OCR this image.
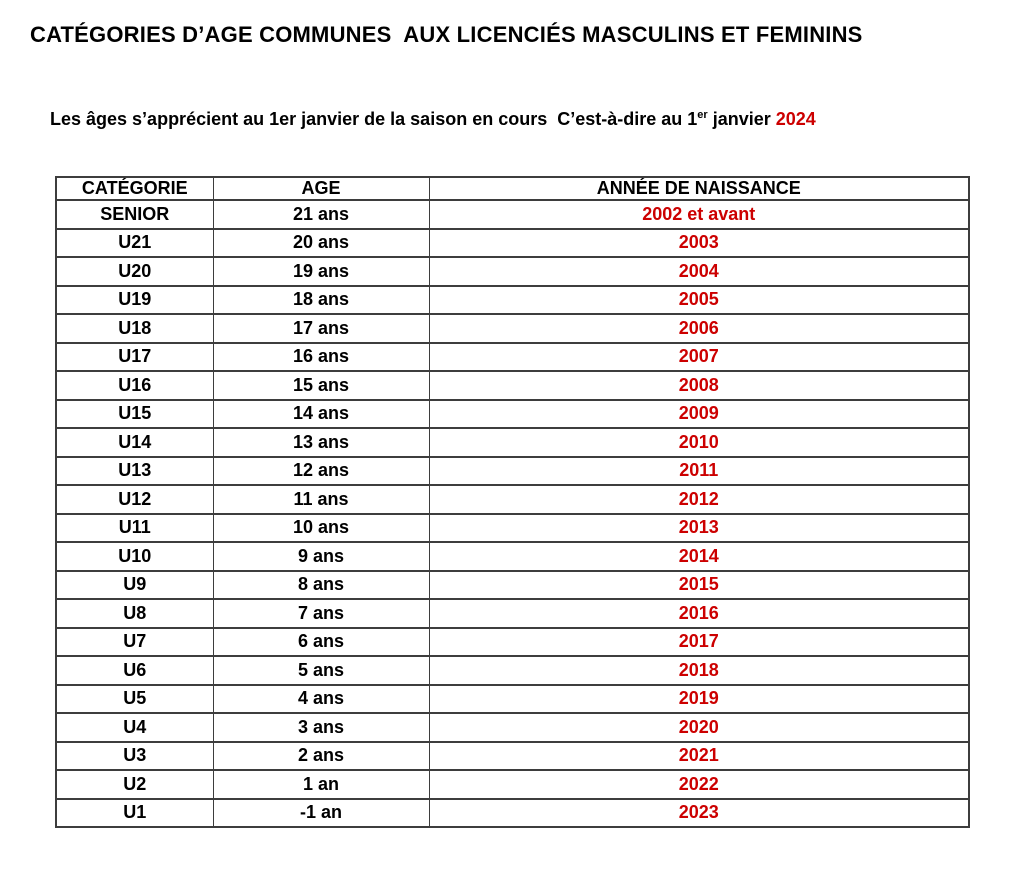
CATÉGORIES D’AGE COMMUNES  AUX LICENCIÉS MASCULINS ET FEMININS
Les âges s’apprécient au 1er janvier de la saison en cours  C’est-à-dire au 1er janvier 2024
CATÉGORIE	AGE	ANNÉE DE NAISSANCE
SENIOR	21 ans	2002 et avant
U21	20 ans	2003
U20	19 ans	2004
U19	18 ans	2005
U18	17 ans	2006
U17	16 ans	2007
U16	15 ans	2008
U15	14 ans	2009
U14	13 ans	2010
U13	12 ans	2011
U12	11 ans	2012
U11	10 ans	2013
U10	9 ans	2014
U9	8 ans	2015
U8	7 ans	2016
U7	6 ans	2017
U6	5 ans	2018
U5	4 ans	2019
U4	3 ans	2020
U3	2 ans	2021
U2	1 an	2022
U1	-1 an	2023
